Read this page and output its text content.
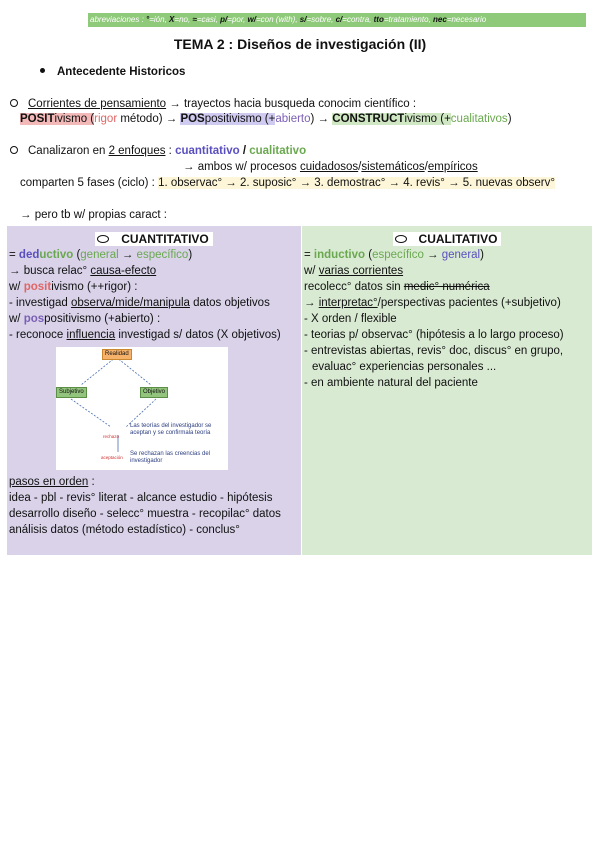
abreviaciones : °=ión, X=no, ≈=casi, p/=por, w/=con (with), s/=sobre, c/=contra, tto=tratamiento, nec=necesario
TEMA 2 : Diseños de investigación (II)
Antecedente Historicos
Corrientes de pensamiento → trayectos hacia busqueda conocim científico :
POSITivismo (rigor método) → POSpositivismo (+abierto) → CONSTRUCTivismo (+cualitativos)
Canalizaron en 2 enfoques : cuantitativo / cualitativo
→ ambos w/ procesos cuidadosos/sistemáticos/empíricos
comparten 5 fases (ciclo) : 1. observac° → 2. suposic° → 3. demostrac° → 4. revis° → 5. nuevas observ°
→ pero tb w/ propias caract :
CUANTITATIVO
= deductivo (general → específico)
→ busca relac° causa-efecto
w/ positivismo (++rigor) :
- investigad observa/mide/manipula datos objetivos
w/ pospositivismo (+abierto) :
- reconoce influencia investigad s/ datos (X objetivos)
Realidad
Subjetivo	Objetivo
rechazo
aceptación
Las teorías del investigador se aceptan y se confirmala teoría
Se rechazan las creencias del investigador
pasos en orden :
idea - pbl - revis° literat - alcance estudio - hipótesis
desarrollo diseño - selecc° muestra - recopilac° datos
análisis datos (método estadístico) - conclus°
CUALITATIVO
= inductivo (específico → general)
w/ varias corrientes
recolecc° datos sin medic° numérica
→ interpretac°/perspectivas pacientes (+subjetivo)
- X orden / flexible
- teorias p/ observac° (hipótesis a lo largo proceso)
- entrevistas abiertas, revis° doc, discus° en grupo,
evaluac° experiencias personales ...
- en ambiente natural del paciente
